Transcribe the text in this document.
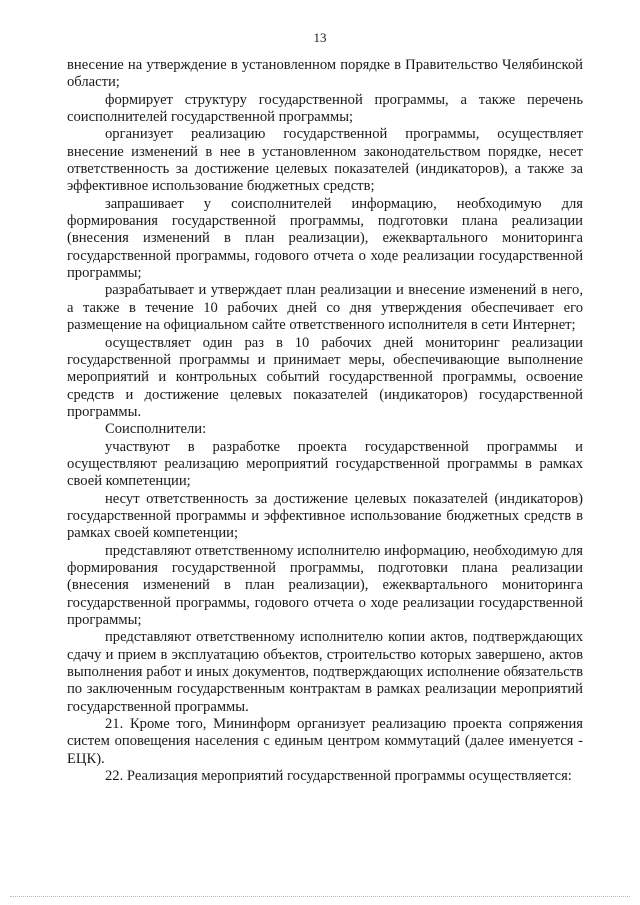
13

внесение на утверждение в установленном порядке в Правительство Челябинской области;

формирует структуру государственной программы, а также перечень соисполнителей государственной программы;

организует реализацию государственной программы, осуществляет внесение изменений в нее в установленном законодательством порядке, несет ответственность за достижение целевых показателей (индикаторов), а также за эффективное использование бюджетных средств;

запрашивает у соисполнителей информацию, необходимую для формирования государственной программы, подготовки плана реализации (внесения изменений в план реализации), ежеквартального мониторинга государственной программы, годового отчета о ходе реализации государственной программы;

разрабатывает и утверждает план реализации и внесение изменений в него, а также в течение 10 рабочих дней со дня утверждения обеспечивает его размещение на официальном сайте ответственного исполнителя в сети Интернет;

осуществляет один раз в 10 рабочих дней мониторинг реализации государственной программы и принимает меры, обеспечивающие выполнение мероприятий и контрольных событий государственной программы, освоение средств и достижение целевых показателей (индикаторов) государственной программы.

Соисполнители:

участвуют в разработке проекта государственной программы и осуществляют реализацию мероприятий государственной программы в рамках своей компетенции;

несут ответственность за достижение целевых показателей (индикаторов) государственной программы и эффективное использование бюджетных средств в рамках своей компетенции;

представляют ответственному исполнителю информацию, необходимую для формирования государственной программы, подготовки плана реализации (внесения изменений в план реализации), ежеквартального мониторинга государственной программы, годового отчета о ходе реализации государственной программы;

представляют ответственному исполнителю копии актов, подтверждающих сдачу и прием в эксплуатацию объектов, строительство которых завершено, актов выполнения работ и иных документов, подтверждающих исполнение обязательств по заключенным государственным контрактам в рамках реализации мероприятий государственной программы.

21. Кроме того, Мининформ организует реализацию проекта сопряжения систем оповещения населения с единым центром коммутаций (далее именуется - ЕЦК).

22. Реализация мероприятий государственной программы осуществляется:
